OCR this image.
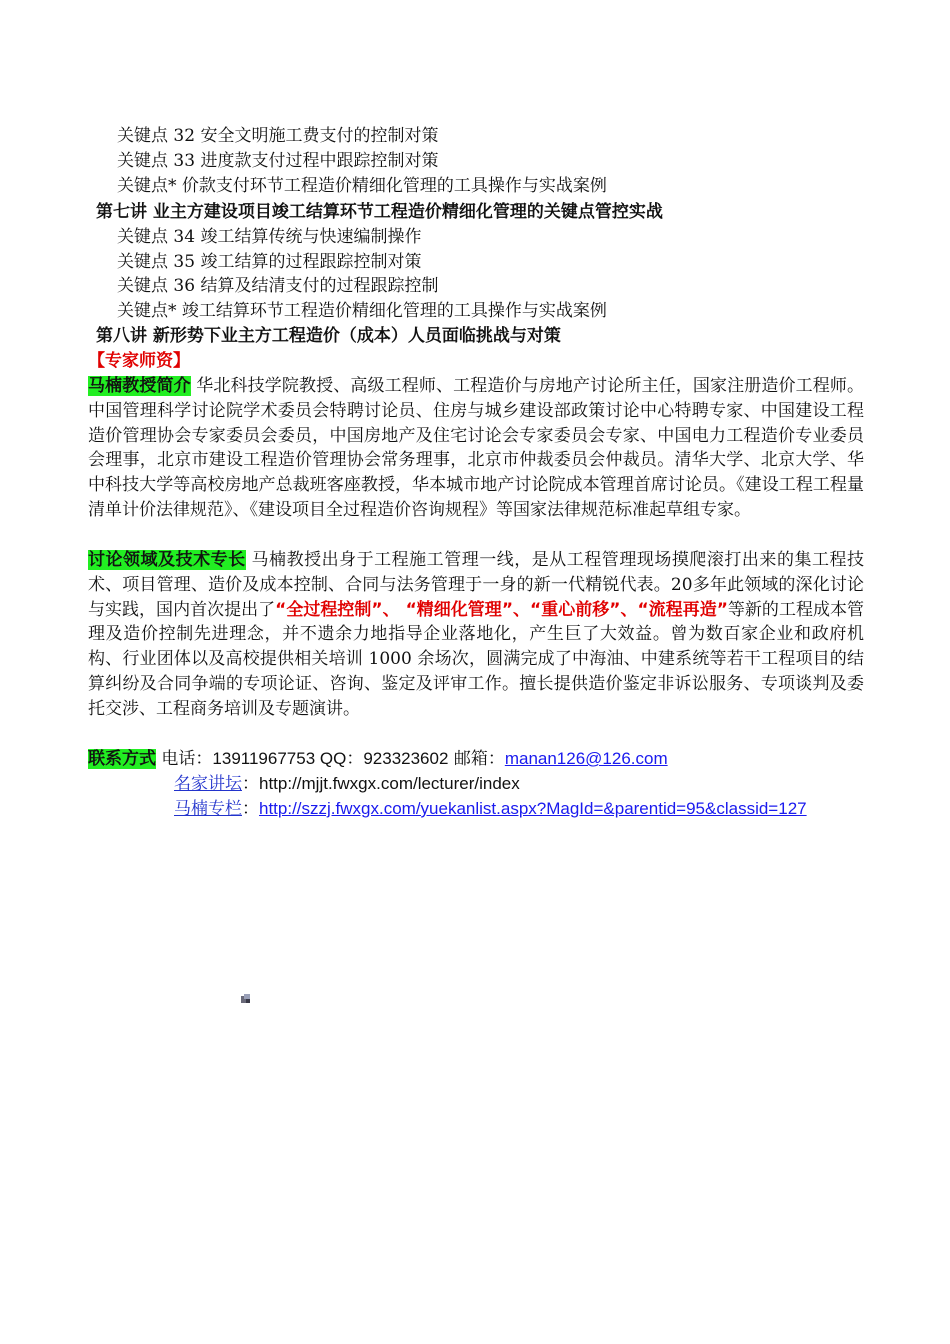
关键点 32 安全文明施工费支付的控制对策
关键点 33 进度款支付过程中跟踪控制对策
关键点* 价款支付环节工程造价精细化管理的工具操作与实战案例
第七讲 业主方建设项目竣工结算环节工程造价精细化管理的关键点管控实战
关键点 34 竣工结算传统与快速编制操作
关键点 35 竣工结算的过程跟踪控制对策
关键点 36 结算及结清支付的过程跟踪控制
关键点* 竣工结算环节工程造价精细化管理的工具操作与实战案例
第八讲 新形势下业主方工程造价（成本）人员面临挑战与对策
【专家师资】
马楠教授简介 华北科技学院教授、高级工程师、工程造价与房地产讨论所主任，国家注册造价工程师。中国管理科学讨论院学术委员会特聘讨论员、住房与城乡建设部政策讨论中心特聘专家、中国建设工程造价管理协会专家委员会委员，中国房地产及住宅讨论会专家委员会专家、中国电力工程造价专业委员会理事，北京市建设工程造价管理协会常务理事，北京市仲裁委员会仲裁员。清华大学、北京大学、华中科技大学等高校房地产总裁班客座教授，华本城市地产讨论院成本管理首席讨论员。《建设工程工程量清单计价法律规范》、《建设项目全过程造价咨询规程》等国家法律规范标准起草组专家。
讨论领域及技术专长 马楠教授出身于工程施工管理一线，是从工程管理现场摸爬滚打出来的集工程技术、项目管理、造价及成本控制、合同与法务管理于一身的新一代精锐代表。20多年此领域的深化讨论与实践，国内首次提出了“全过程控制”、 “精细化管理”、“重心前移”、“流程再造”等新的工程成本管理及造价控制先进理念，并不遗余力地指导企业落地化，产生巨了大效益。曾为数百家企业和政府机构、行业团体以及高校提供相关培训 1000 余场次，圆满完成了中海油、中建系统等若干工程项目的结算纠纷及合同争端的专项论证、咨询、鉴定及评审工作。擅长提供造价鉴定非诉讼服务、专项谈判及委托交涉、工程商务培训及专题演讲。
联系方式 电话：13911967753 QQ：923323602 邮箱：manan126@126.com
名家讲坛：http://mjjt.fwxgx.com/lecturer/index
马楠专栏：http://szzj.fwxgx.com/yuekanlist.aspx?MagId=&parentid=95&classid=127
